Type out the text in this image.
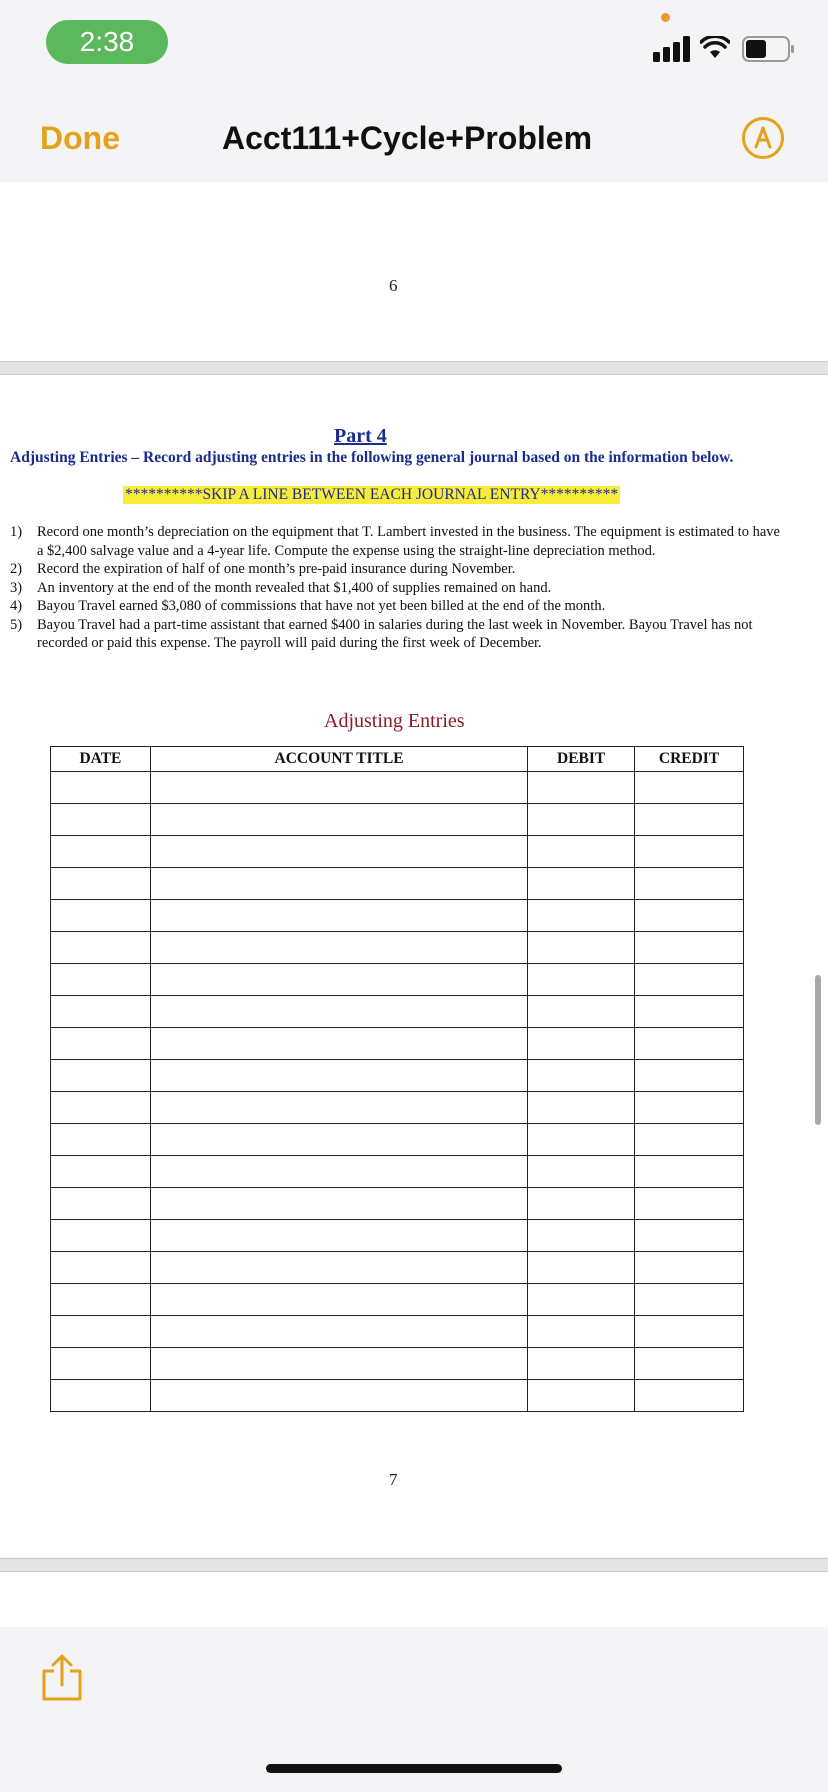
2:38
Done	Acct111+Cycle+Problem
6
Part 4
Adjusting Entries – Record adjusting entries in the following general journal based on the information below.
**********SKIP A LINE BETWEEN EACH JOURNAL ENTRY**********
1)	Record one month’s depreciation on the equipment that T. Lambert invested in the business. The equipment is estimated to have a $2,400 salvage value and a 4-year life. Compute the expense using the straight-line depreciation method.
2)	Record the expiration of half of one month’s pre-paid insurance during November.
3)	An inventory at the end of the month revealed that $1,400 of supplies remained on hand.
4)	Bayou Travel earned $3,080 of commissions that have not yet been billed at the end of the month.
5)	Bayou Travel had a part-time assistant that earned $400 in salaries during the last week in November. Bayou Travel has not recorded or paid this expense. The payroll will paid during the first week of December.
Adjusting Entries
DATE	ACCOUNT TITLE	DEBIT	CREDIT

7
